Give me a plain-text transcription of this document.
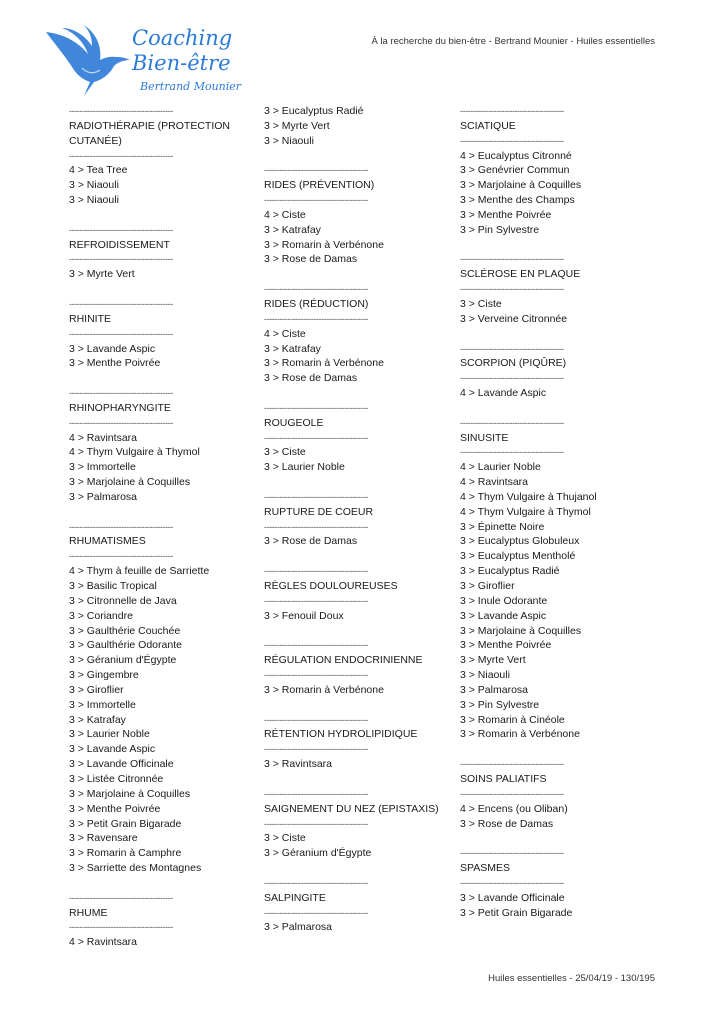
Coaching
Bien-être
Bertrand Mounier
À la recherche du bien-être - Bertrand Mounier - Huiles essentielles
----------------------------------------
RADIOTHÉRAPIE (PROTECTION
CUTANÉE)
----------------------------------------
4 > Tea Tree
3 > Niaouli
3 > Niaouli
----------------------------------------
REFROIDISSEMENT
----------------------------------------
3 > Myrte Vert
----------------------------------------
RHINITE
----------------------------------------
3 > Lavande Aspic
3 > Menthe Poivrée
----------------------------------------
RHINOPHARYNGITE
----------------------------------------
4 > Ravintsara
4 > Thym Vulgaire à Thymol
3 > Immortelle
3 > Marjolaine à Coquilles
3 > Palmarosa
----------------------------------------
RHUMATISMES
----------------------------------------
4 > Thym à feuille de Sarriette
3 > Basilic Tropical
3 > Citronnelle de Java
3 > Coriandre
3 > Gaulthérie Couchée
3 > Gaulthérie Odorante
3 > Géranium d'Égypte
3 > Gingembre
3 > Giroflier
3 > Immortelle
3 > Katrafay
3 > Laurier Noble
3 > Lavande Aspic
3 > Lavande Officinale
3 > Listée Citronnée
3 > Marjolaine à Coquilles
3 > Menthe Poivrée
3 > Petit Grain Bigarade
3 > Ravensare
3 > Romarin à Camphre
3 > Sarriette des Montagnes
----------------------------------------
RHUME
----------------------------------------
4 > Ravintsara
3 > Eucalyptus Radié
3 > Myrte Vert
3 > Niaouli
----------------------------------------
RIDES (PRÉVENTION)
----------------------------------------
4 > Ciste
3 > Katrafay
3 > Romarin à Verbénone
3 > Rose de Damas
----------------------------------------
RIDES (RÉDUCTION)
----------------------------------------
4 > Ciste
3 > Katrafay
3 > Romarin à Verbénone
3 > Rose de Damas
----------------------------------------
ROUGEOLE
----------------------------------------
3 > Ciste
3 > Laurier Noble
----------------------------------------
RUPTURE DE COEUR
----------------------------------------
3 > Rose de Damas
----------------------------------------
RÈGLES DOULOUREUSES
----------------------------------------
3 > Fenouil Doux
----------------------------------------
RÉGULATION ENDOCRINIENNE
----------------------------------------
3 > Romarin à Verbénone
----------------------------------------
RÉTENTION HYDROLIPIDIQUE
----------------------------------------
3 > Ravintsara
----------------------------------------
SAIGNEMENT DU NEZ (EPISTAXIS)
----------------------------------------
3 > Ciste
3 > Géranium d'Égypte
----------------------------------------
SALPINGITE
----------------------------------------
3 > Palmarosa
----------------------------------------
SCIATIQUE
----------------------------------------
4 > Eucalyptus Citronné
3 > Genévrier Commun
3 > Marjolaine à Coquilles
3 > Menthe des Champs
3 > Menthe Poivrée
3 > Pin Sylvestre
----------------------------------------
SCLÉROSE EN PLAQUE
----------------------------------------
3 > Ciste
3 > Verveine Citronnée
----------------------------------------
SCORPION (PIQÛRE)
----------------------------------------
4 > Lavande Aspic
----------------------------------------
SINUSITE
----------------------------------------
4 > Laurier Noble
4 > Ravintsara
4 > Thym Vulgaire à Thujanol
4 > Thym Vulgaire à Thymol
3 > Épinette Noire
3 > Eucalyptus Globuleux
3 > Eucalyptus Mentholé
3 > Eucalyptus Radié
3 > Giroflier
3 > Inule Odorante
3 > Lavande Aspic
3 > Marjolaine à Coquilles
3 > Menthe Poivrée
3 > Myrte Vert
3 > Niaouli
3 > Palmarosa
3 > Pin Sylvestre
3 > Romarin à Cinéole
3 > Romarin à Verbénone
----------------------------------------
SOINS PALIATIFS
----------------------------------------
4 > Encens (ou Oliban)
3 > Rose de Damas
----------------------------------------
SPASMES
----------------------------------------
3 > Lavande Officinale
3 > Petit Grain Bigarade
Huiles essentielles - 25/04/19 - 130/195
